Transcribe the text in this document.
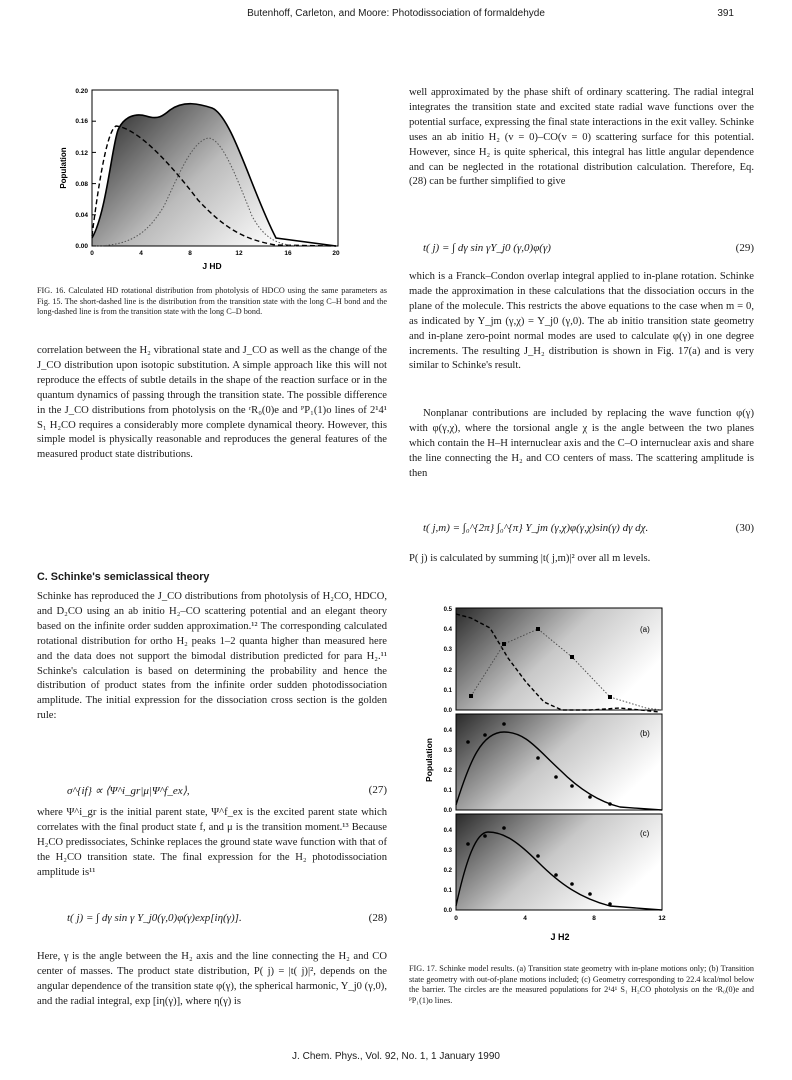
Butenhoff, Carleton, and Moore: Photodissociation of formaldehyde	391
0.00
0.04
0.08
0.12
0.16
0.20
0	4	8	12	16	20
Population
J HD
FIG. 16. Calculated HD rotational distribution from photolysis of HDCO using the same parameters as Fig. 15. The short-dashed line is the distribution from the transition state with the long C–H bond and the long-dashed line is from the transition state with the long C–D bond.

correlation between the H₂ vibrational state and J_CO as well as the change of the J_CO distribution upon isotopic substitution. A simple approach like this will not reproduce the effects of subtle details in the shape of the reaction surface or in the quantum dynamics of passing through the transition state. The possible difference in the J_CO distributions from photolysis on the ʳR₀(0)e and ᴾP₁(1)o lines of 2¹4¹ S₁ H₂CO requires a considerably more complete dynamical theory. However, this simple model is physically reasonable and reproduces the general features of the measured product state distributions.

C. Schinke's semiclassical theory
Schinke has reproduced the J_CO distributions from photolysis of H₂CO, HDCO, and D₂CO using an ab initio H₂–CO scattering potential and an elegant theory based on the infinite order sudden approximation.¹² The corresponding calculated rotational distribution for ortho H₂ peaks 1–2 quanta higher than measured here and the data does not support the bimodal distribution predicted for para H₂.¹¹ Schinke's calculation is based on determining the probability and hence the distribution of product states from the infinite order sudden photodissociation amplitude. The initial expression for the dissociation cross section is the golden rule:
σ^{if} ∝ ⟨Ψ^i_gr|μ|Ψ^f_ex⟩,	(27)
where Ψ^i_gr is the initial parent state, Ψ^f_ex is the excited parent state which correlates with the final product state f, and μ is the transition moment.¹³ Because H₂CO predissociates, Schinke replaces the ground state wave function with that of the H₂CO transition state. The final expression for the H₂ photodissociation amplitude is¹¹
t( j) = ∫ dγ sin γ Y_j0(γ,0)φ(γ)exp[iη(γ)].	(28)
Here, γ is the angle between the H₂ axis and the line connecting the H₂ and CO center of masses. The product state distribution, P( j) = |t( j)|², depends on the angular dependence of the transition state φ(γ), the spherical harmonic, Y_j0 (γ,0), and the radial integral, exp [iη(γ)], where η(γ) is
well approximated by the phase shift of ordinary scattering. The radial integral integrates the transition state and excited state radial wave functions over the potential surface, expressing the final state interactions in the exit valley. Schinke uses an ab initio H₂ (v = 0)–CO(v = 0) scattering surface for this potential. However, since H₂ is quite spherical, this integral has little angular dependence and can be neglected in the rotational distribution calculation. Therefore, Eq. (28) can be further simplified to give
t( j) = ∫ dγ sin γY_j0 (γ,0)φ(γ)	(29)
which is a Franck–Condon overlap integral applied to in-plane rotation. Schinke made the approximation in these calculations that the dissociation occurs in the plane of the molecule. This restricts the above equations to the case when m = 0, as indicated by Y_jm (γ,χ) = Y_j0 (γ,0). The ab initio transition state geometry and in-plane zero-point normal modes are used to calculate φ(γ) in one degree increments. The resulting J_H₂ distribution is shown in Fig. 17(a) and is very similar to Schinke's result.
Nonplanar contributions are included by replacing the wave function φ(γ) with φ(γ,χ), where the torsional angle χ is the angle between the two planes which contain the H–H internuclear axis and the C–O internuclear axis and share the line connecting the H₂ and CO centers of mass. The scattering amplitude is then
t( j,m) = ∫₀^{2π} ∫₀^{π} Y_jm (γ,χ)φ(γ,χ)sin(γ) dγ dχ.	(30)
P( j) is calculated by summing |t( j,m)|² over all m levels.
(a)
0.0
0.1
0.2
0.3
0.4
0.5
(b)
0.0
0.1
0.2
0.3
0.4
(c)
0.0
0.1
0.2
0.3
0.4
0	4	8	12
Population
J H2
FIG. 17. Schinke model results. (a) Transition state geometry with in-plane motions only; (b) Transition state geometry with out-of-plane motions included; (c) Geometry corresponding to 22.4 kcal/mol below the barrier. The circles are the measured populations for 2¹4¹ S₁ H₂CO photolysis on the ʳR₀(0)e and ᴾP₁(1)o lines.
J. Chem. Phys., Vol. 92, No. 1, 1 January 1990
